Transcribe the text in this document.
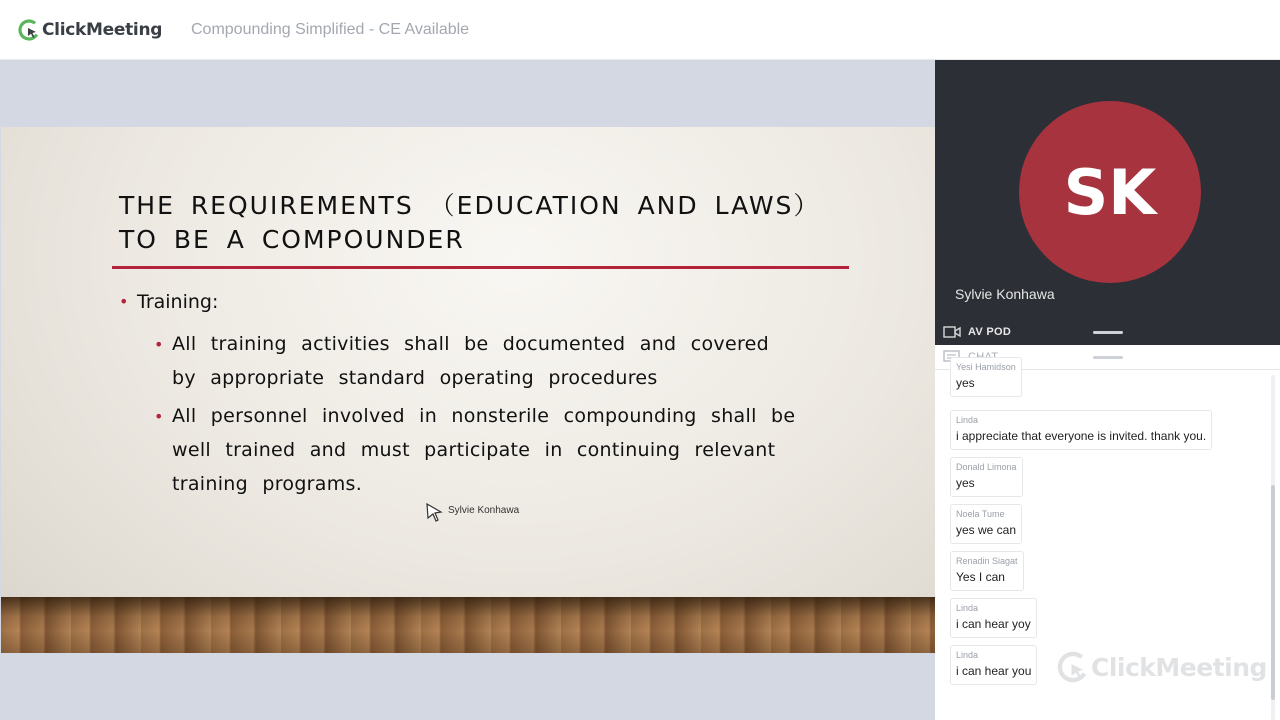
ClickMeeting Compounding Simplified - CE Available
THE REQUIREMENTS （EDUCATION AND LAWS）
TO BE A COMPOUNDER
• Training:
• All training activities shall be documented and covered by appropriate standard operating procedures
• All personnel involved in nonsterile compounding shall be well trained and must participate in continuing relevant training programs.
Sylvie Konhawa
SK
Sylvie Konhawa
AV POD
Yesi Hamidson
yes
Linda
i appreciate that everyone is invited. thank you.
Donald Limona
yes
Noela Tume
yes we can
Renadin Siagat
Yes I can
Linda
i can hear yoy
Linda
i can hear you ClickMeeting
